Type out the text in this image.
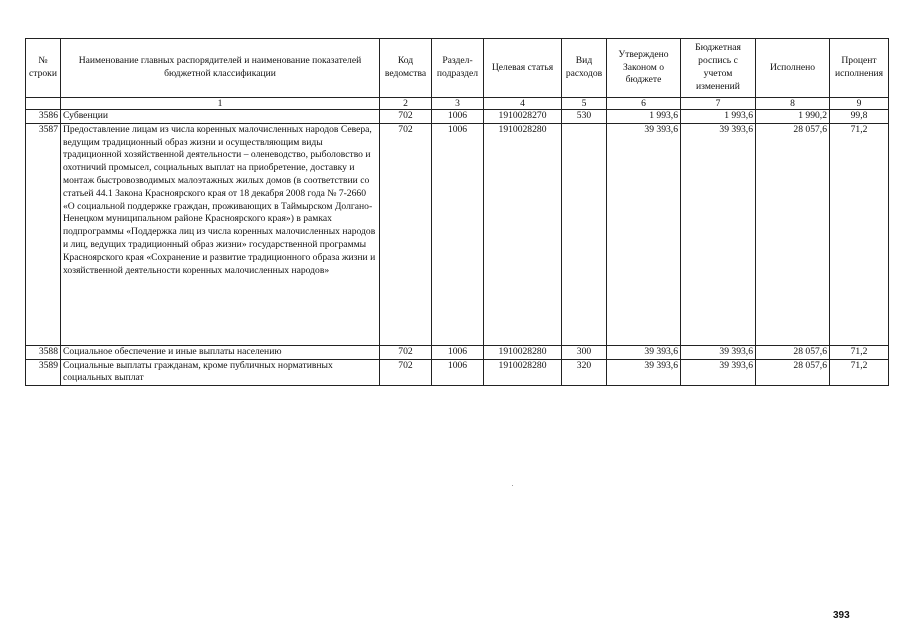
№ строки	Наименование главных распорядителей и наименование показателей бюджетной классификации	Код ведомства	Раздел-подраздел	Целевая статья	Вид расходов	Утверждено Законом о бюджете	Бюджетная роспись с учетом изменений	Исполнено	Процент исполнения
	1	2	3	4	5	6	7	8	9
3586	Субвенции	702	1006	1910028270	530	1 993,6	1 993,6	1 990,2	99,8
3587	Предоставление лицам из числа коренных малочисленных народов Севера, ведущим традиционный образ жизни и осуществляющим виды традиционной хозяйственной деятельности – оленеводство, рыболовство и охотничий промысел, социальных выплат на приобретение, доставку и монтаж быстровозводимых малоэтажных жилых домов (в соответствии со статьей 44.1 Закона Красноярского края от 18 декабря 2008 года № 7-2660 «О социальной поддержке граждан, проживающих в Таймырском Долгано-Ненецком муниципальном районе Красноярского края») в рамках подпрограммы «Поддержка лиц из числа коренных малочисленных народов и лиц, ведущих традиционный образ жизни» государственной программы Красноярского края «Сохранение и развитие традиционного образа жизни и хозяйственной деятельности коренных малочисленных народов»	702	1006	1910028280		39 393,6	39 393,6	28 057,6	71,2
3588	Социальное обеспечение и иные выплаты населению	702	1006	1910028280	300	39 393,6	39 393,6	28 057,6	71,2
3589	Социальные выплаты гражданам, кроме публичных нормативных социальных выплат	702	1006	1910028280	320	39 393,6	39 393,6	28 057,6	71,2
393
